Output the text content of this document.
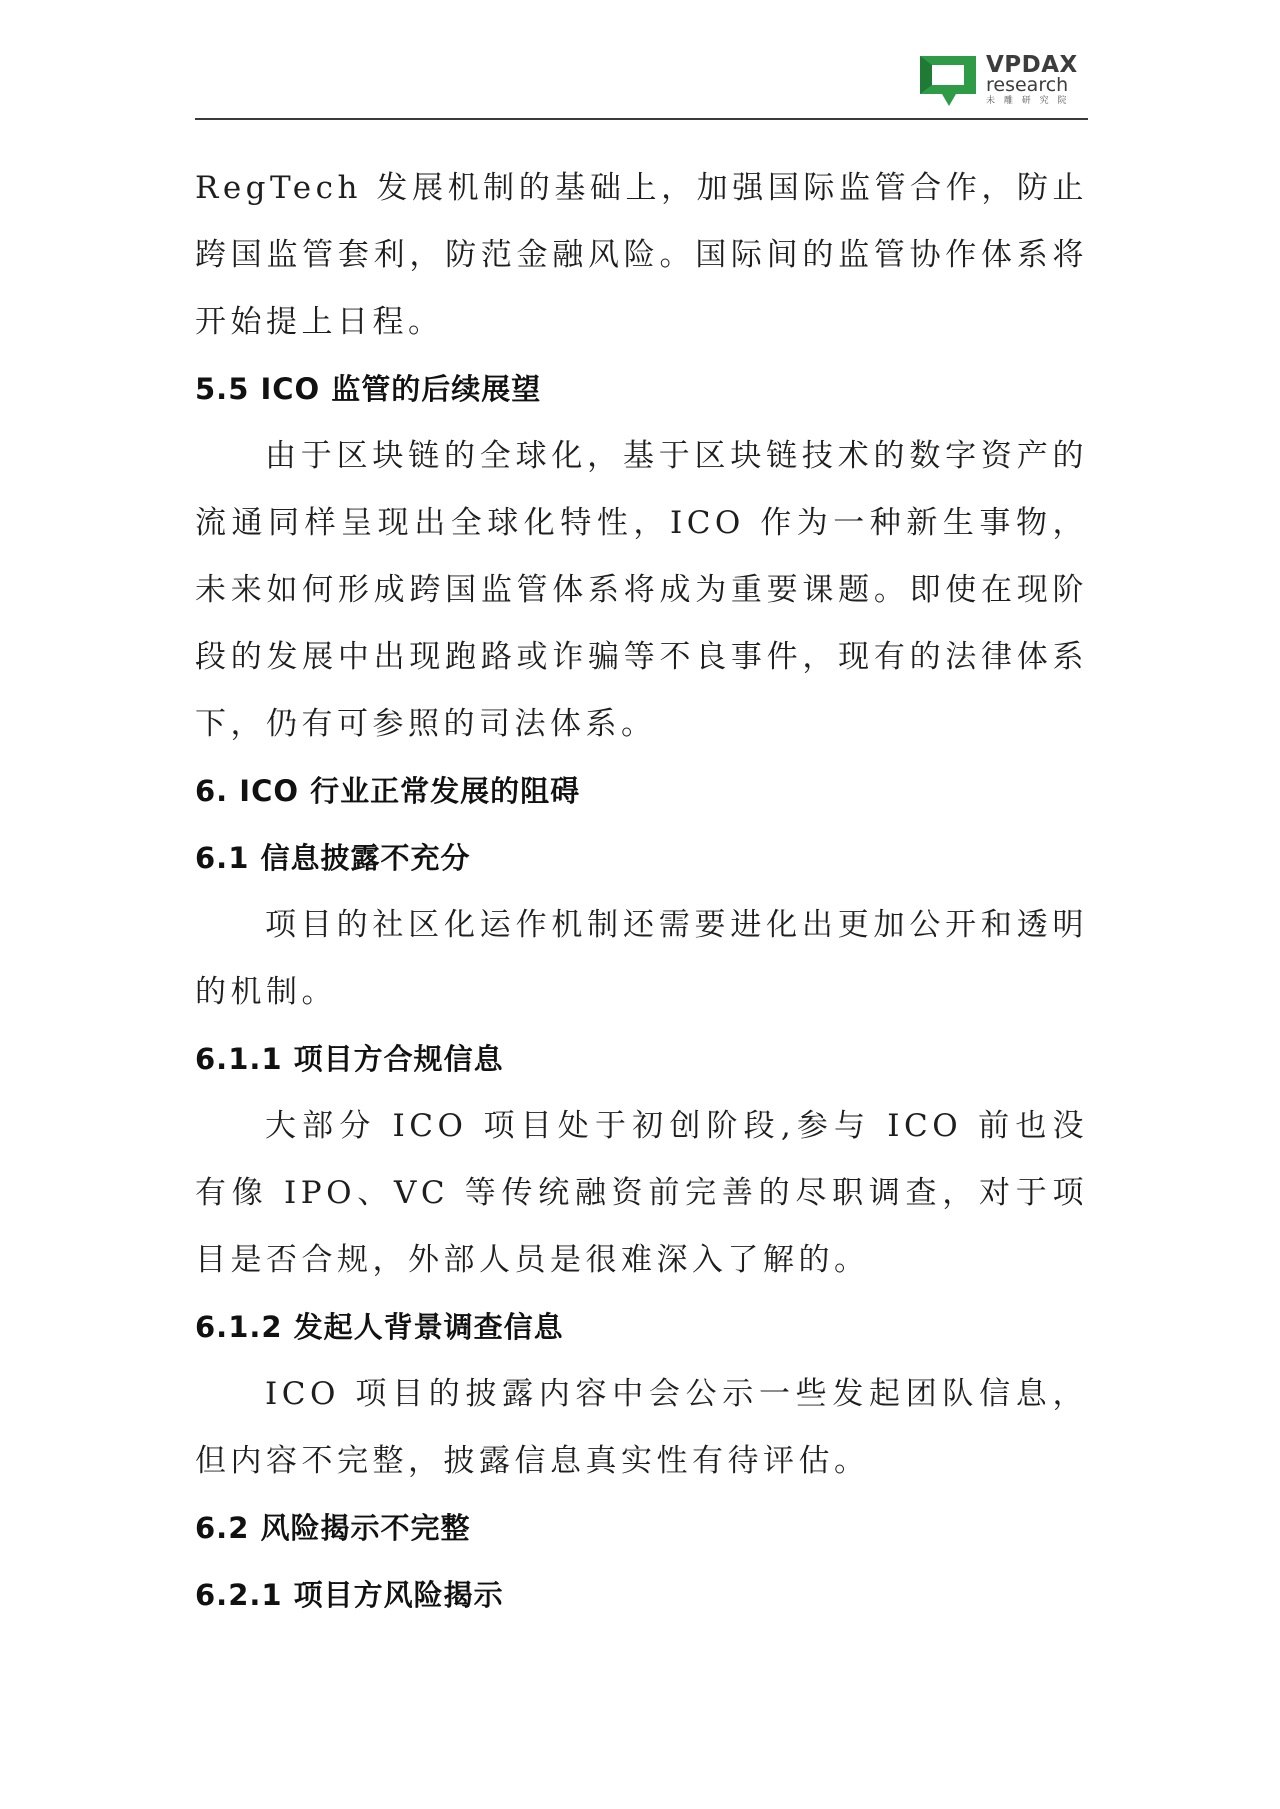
VPDAX
research
未 雕 研 究 院

RegTech 发展机制的基础上，加强国际监管合作，防止跨国监管套利，防范金融风险。国际间的监管协作体系将开始提上日程。

5.5 ICO 监管的后续展望

由于区块链的全球化，基于区块链技术的数字资产的流通同样呈现出全球化特性，ICO 作为一种新生事物，未来如何形成跨国监管体系将成为重要课题。即使在现阶段的发展中出现跑路或诈骗等不良事件，现有的法律体系下，仍有可参照的司法体系。

6. ICO 行业正常发展的阻碍

6.1 信息披露不充分

项目的社区化运作机制还需要进化出更加公开和透明的机制。

6.1.1 项目方合规信息

大部分 ICO 项目处于初创阶段,参与 ICO 前也没有像 IPO、VC 等传统融资前完善的尽职调查，对于项目是否合规，外部人员是很难深入了解的。

6.1.2 发起人背景调查信息

ICO 项目的披露内容中会公示一些发起团队信息，但内容不完整，披露信息真实性有待评估。

6.2 风险揭示不完整

6.2.1 项目方风险揭示
